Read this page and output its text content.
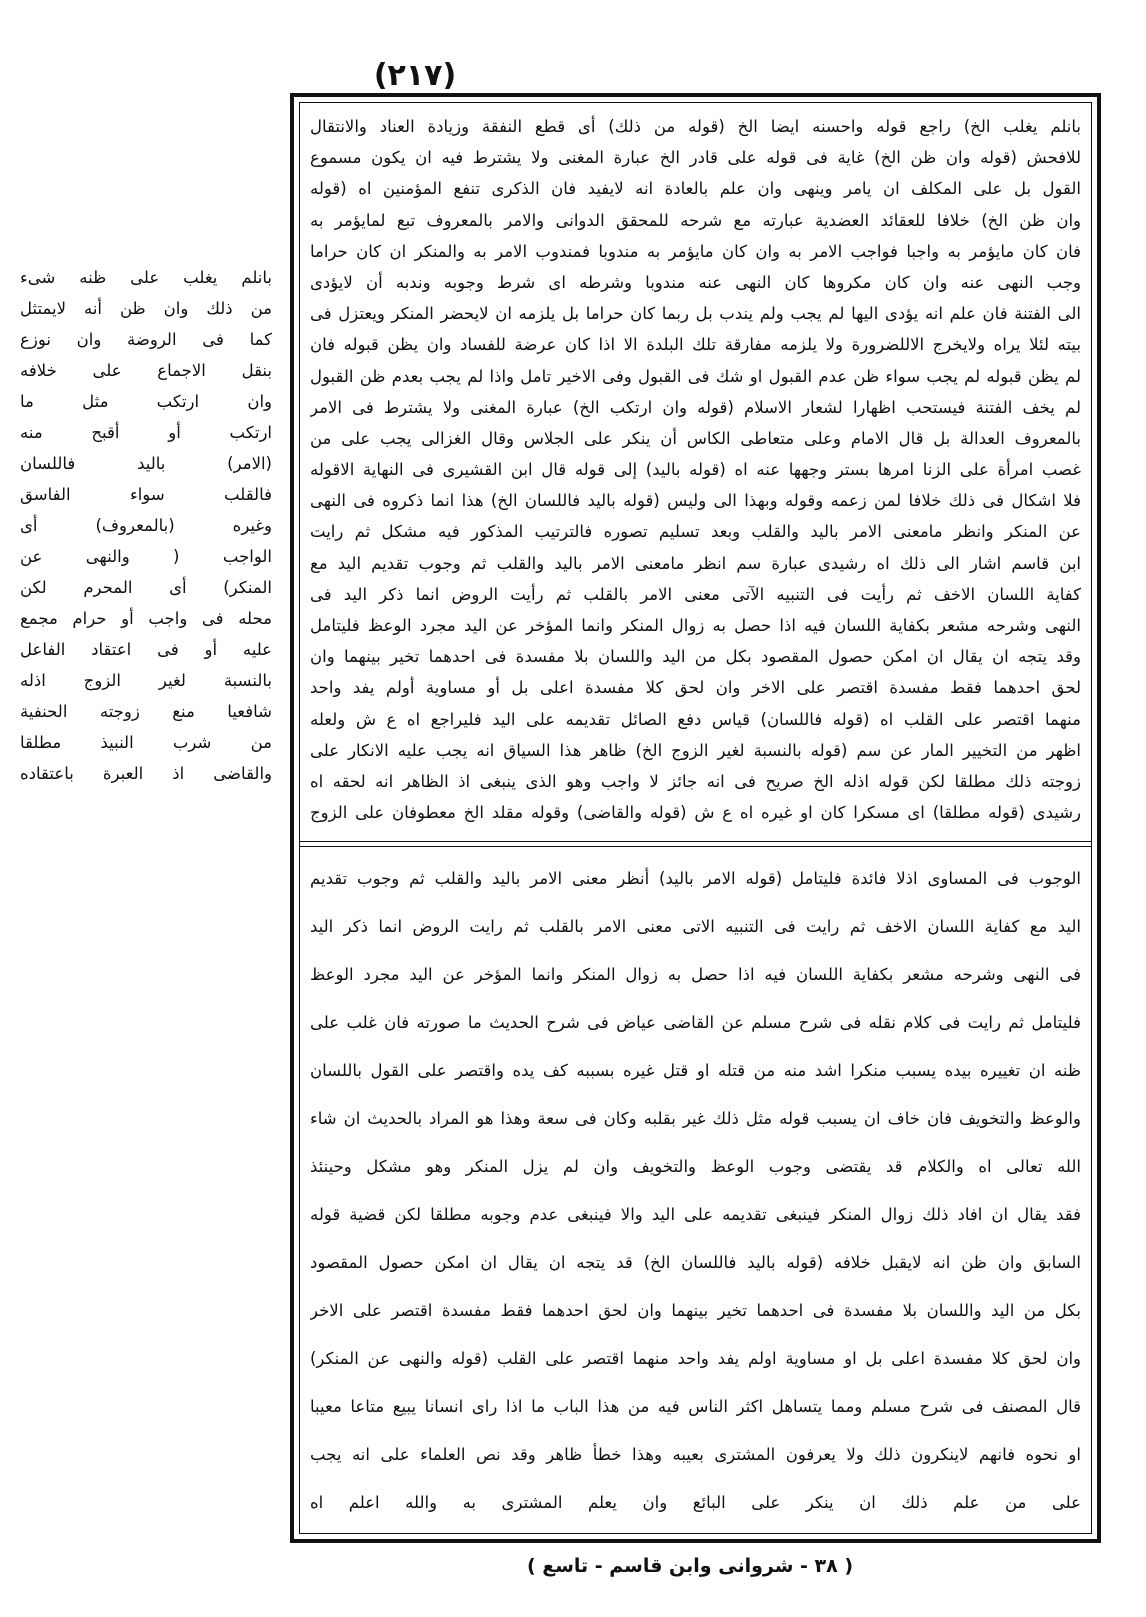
(٢١٧)
بانلم يغلب على ظنه شىء
من ذلك وان ظن أنه لايمتثل
كما فى الروضة وان نوزع
بنقل الاجماع على خلافه
وان ارتكب مثل ما
ارتكب أو أقبح منه
(الامر) باليد فاللسان
فالقلب سواء الفاسق
وغيره (بالمعروف) أى
الواجب ( والنهى عن
المنكر) أى المحرم لكن
محله فى واجب أو حرام مجمع
عليه أو فى اعتقاد الفاعل
بالنسبة لغير الزوج اذله
شافعيا منع زوجته الحنفية
من شرب النبيذ مطلقا
والقاضى اذ العبرة باعتقاده
بانلم يغلب الخ) راجع قوله واحسنه ايضا الخ (قوله من ذلك) أى قطع النفقة وزيادة العناد والانتقال
للافحش (قوله وان ظن الخ) غاية فى قوله على قادر الخ عبارة المغنى ولا يشترط فيه ان يكون مسموع
القول بل على المكلف ان يامر وينهى وان علم بالعادة انه لايفيد فان الذكرى تنفع المؤمنين اه (قوله
وان ظن الخ) خلافا للعقائد العضدية عبارته مع شرحه للمحقق الدوانى والامر بالمعروف تبع لمايؤمر به
فان كان مايؤمر به واجبا فواجب الامر به وان كان مايؤمر به مندوبا فمندوب الامر به والمنكر ان كان حراما
وجب النهى عنه وان كان مكروها كان النهى عنه مندوبا وشرطه اى شرط وجوبه وندبه أن لايؤدى
الى الفتنة فان علم انه يؤدى اليها لم يجب ولم يندب بل ربما كان حراما بل يلزمه ان لايحضر المنكر ويعتزل فى
بيته لئلا يراه ولايخرج الاللضرورة ولا يلزمه مفارقة تلك البلدة الا اذا كان عرضة للفساد وان يظن قبوله فان
لم يظن قبوله لم يجب سواء ظن عدم القبول او شك فى القبول وفى الاخير تامل واذا لم يجب بعدم ظن القبول
لم يخف الفتنة فيستحب اظهارا لشعار الاسلام (قوله وان ارتكب الخ) عبارة المغنى ولا يشترط فى الامر
بالمعروف العدالة بل قال الامام وعلى متعاطى الكاس أن ينكر على الجلاس وقال الغزالى يجب على من
غصب امرأة على الزنا امرها بستر وجهها عنه اه (قوله باليد) إلى قوله قال ابن القشيرى فى النهاية الاقوله
فلا اشكال فى ذلك خلافا لمن زعمه وقوله وبهذا الى وليس (قوله باليد فاللسان الخ) هذا انما ذكروه فى النهى
عن المنكر وانظر مامعنى الامر باليد والقلب وبعد تسليم تصوره فالترتيب المذكور فيه مشكل ثم رايت
ابن قاسم اشار الى ذلك اه رشيدى عبارة سم انظر مامعنى الامر باليد والقلب ثم وجوب تقديم اليد مع
كفاية اللسان الاخف ثم رأيت فى التنبيه الآتى معنى الامر بالقلب ثم رأيت الروض انما ذكر اليد فى
النهى وشرحه مشعر بكفاية اللسان فيه اذا حصل به زوال المنكر وانما المؤخر عن اليد مجرد الوعظ فليتامل
وقد يتجه ان يقال ان امكن حصول المقصود بكل من اليد واللسان بلا مفسدة فى احدهما تخير بينهما وان
لحق احدهما فقط مفسدة اقتصر على الاخر وان لحق كلا مفسدة اعلى بل أو مساوية أولم يفد واحد
منهما اقتصر على القلب اه (قوله فاللسان) قياس دفع الصائل تقديمه على اليد فليراجع اه ع ش ولعله
اظهر من التخيير المار عن سم (قوله بالنسبة لغير الزوج الخ) ظاهر هذا السياق انه يجب عليه الانكار على
زوجته ذلك مطلقا لكن قوله اذله الخ صريح فى انه جائز لا واجب وهو الذى ينبغى اذ الظاهر انه لحقه اه
رشيدى (قوله مطلقا) اى مسكرا كان او غيره اه ع ش (قوله والقاضى) وقوله مقلد الخ معطوفان على الزوج
الوجوب فى المساوى اذلا فائدة فليتامل (قوله الامر باليد) أنظر معنى الامر باليد والقلب ثم وجوب تقديم
اليد مع كفاية اللسان الاخف ثم رايت فى التنبيه الاتى معنى الامر بالقلب ثم رايت الروض انما ذكر اليد
فى النهى وشرحه مشعر بكفاية اللسان فيه اذا حصل به زوال المنكر وانما المؤخر عن اليد مجرد الوعظ
فليتامل ثم رايت فى كلام نقله فى شرح مسلم عن القاضى عياض فى شرح الحديث ما صورته فان غلب على
ظنه ان تغييره بيده يسبب منكرا اشد منه من قتله او قتل غيره بسببه كف يده واقتصر على القول باللسان
والوعظ والتخويف فان خاف ان يسبب قوله مثل ذلك غير بقلبه وكان فى سعة وهذا هو المراد بالحديث ان شاء
الله تعالى اه والكلام قد يقتضى وجوب الوعظ والتخويف وان لم يزل المنكر وهو مشكل وحينئذ
فقد يقال ان افاد ذلك زوال المنكر فينبغى تقديمه على اليد والا فينبغى عدم وجوبه مطلقا لكن قضية قوله
السابق وان ظن انه لايقبل خلافه (قوله باليد فاللسان الخ) قد يتجه ان يقال ان امكن حصول المقصود
بكل من اليد واللسان بلا مفسدة فى احدهما تخير بينهما وان لحق احدهما فقط مفسدة اقتصر على الاخر
وان لحق كلا مفسدة اعلى بل او مساوية اولم يفد واحد منهما اقتصر على القلب (قوله والنهى عن المنكر)
قال المصنف فى شرح مسلم ومما يتساهل اكثر الناس فيه من هذا الباب ما اذا راى انسانا يبيع متاعا معيبا
او نحوه فانهم لاينكرون ذلك ولا يعرفون المشترى بعيبه وهذا خطأ ظاهر وقد نص العلماء على انه يجب
على من علم ذلك ان ينكر على البائع وان يعلم المشترى به والله اعلم اه
( ٣٨ - شروانى وابن قاسم - تاسع )
